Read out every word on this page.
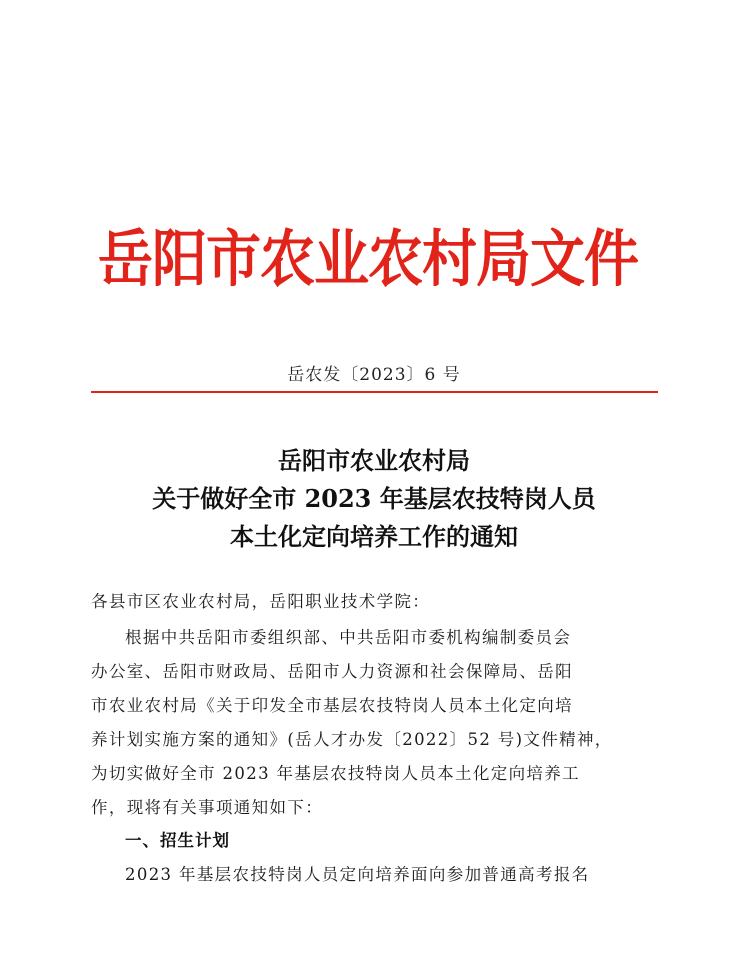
岳阳市农业农村局文件
岳农发〔2023〕6 号
岳阳市农业农村局
关于做好全市 2023 年基层农技特岗人员
本土化定向培养工作的通知
各县市区农业农村局，岳阳职业技术学院：
根据中共岳阳市委组织部、中共岳阳市委机构编制委员会
办公室、岳阳市财政局、岳阳市人力资源和社会保障局、岳阳
市农业农村局《关于印发全市基层农技特岗人员本土化定向培
养计划实施方案的通知》(岳人才办发〔2022〕52 号)文件精神，
为切实做好全市 2023 年基层农技特岗人员本土化定向培养工
作，现将有关事项通知如下：
一、招生计划
2023 年基层农技特岗人员定向培养面向参加普通高考报名
